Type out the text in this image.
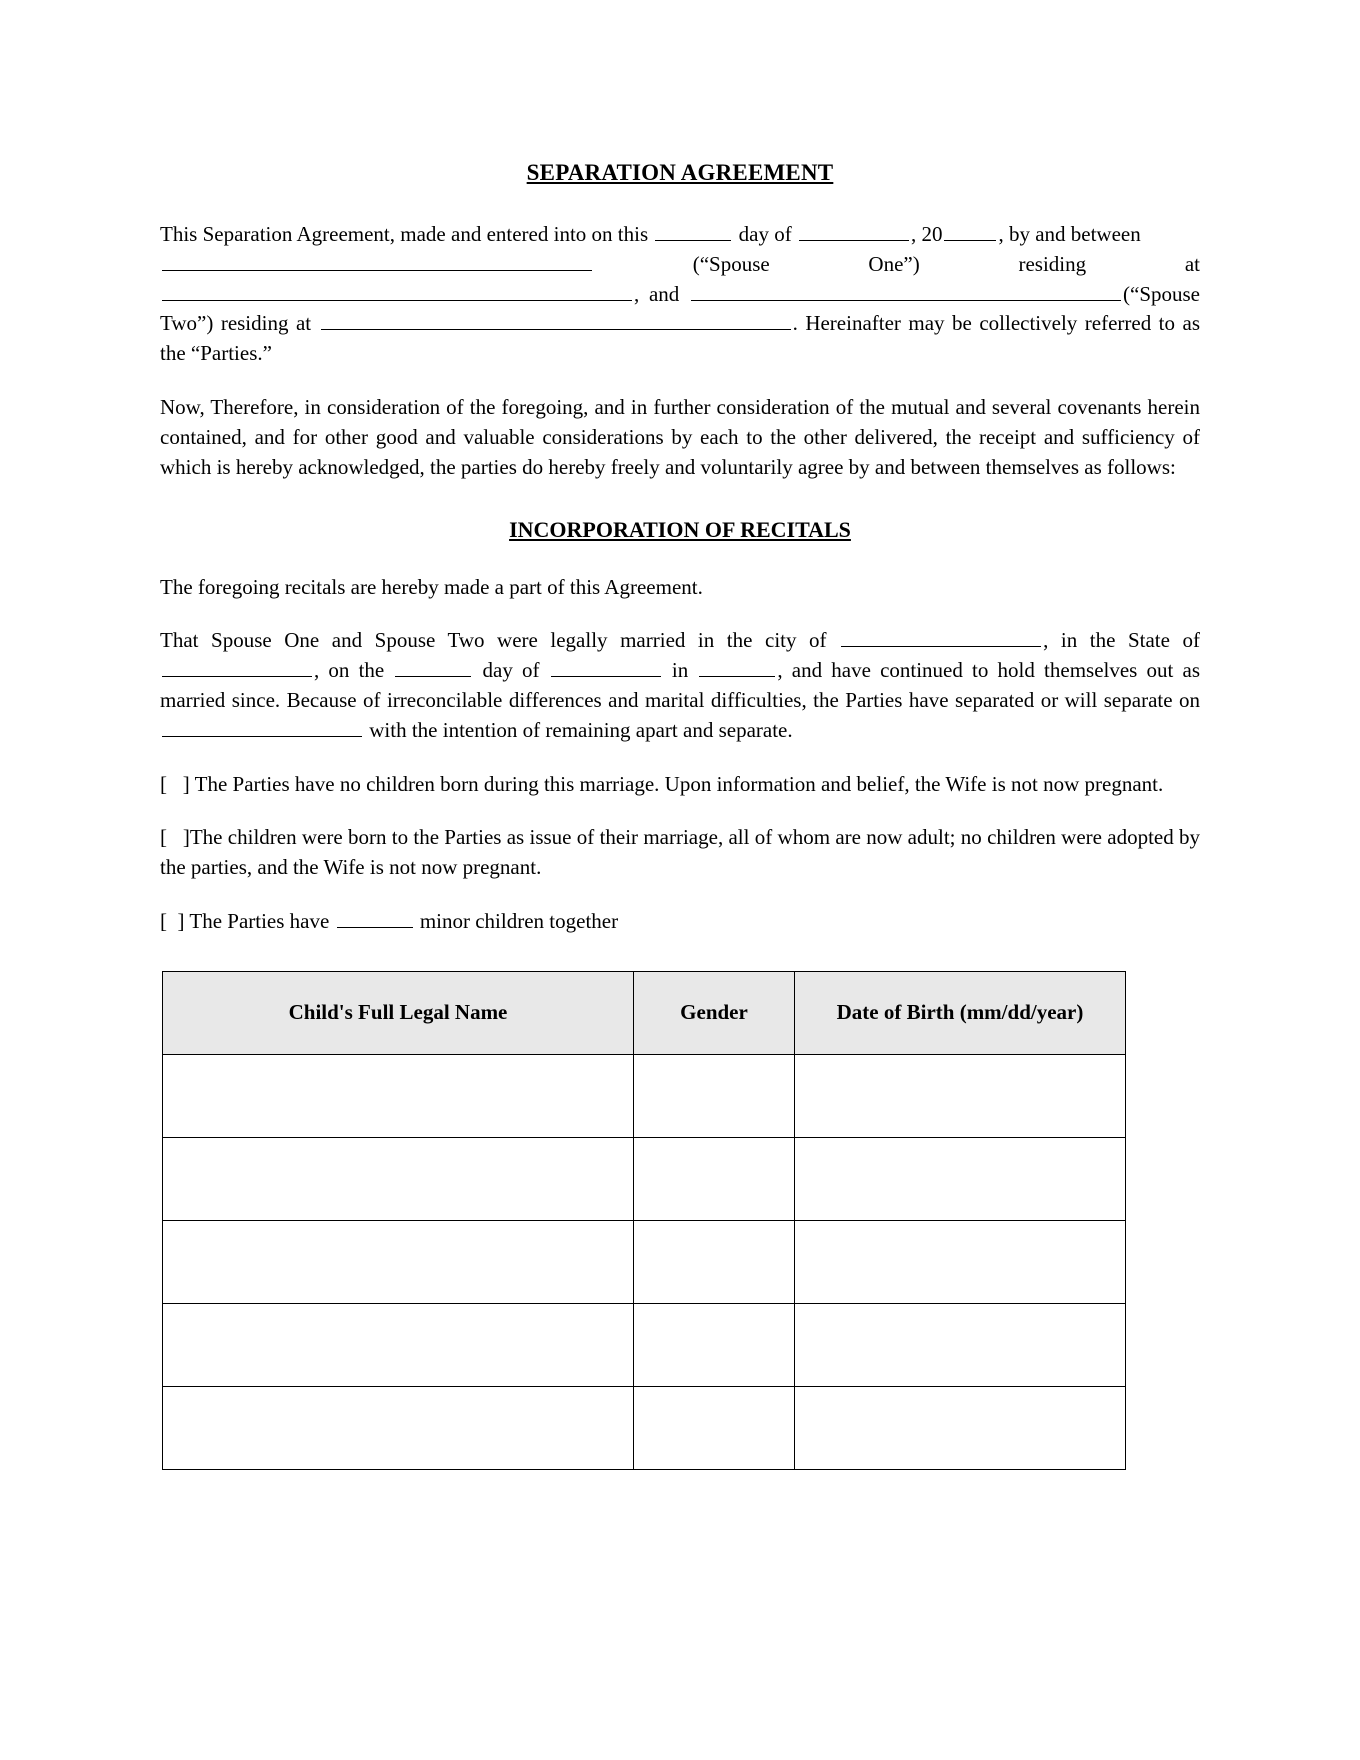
SEPARATION AGREEMENT

This Separation Agreement, made and entered into on this	day of	, 20	, by and between
(“Spouse One”) residing at , and	(“Spouse Two”) residing at	. Hereinafter may be collectively referred to as the “Parties.”

Now, Therefore, in consideration of the foregoing, and in further consideration of the mutual and several covenants herein contained, and for other good and valuable considerations by each to the other delivered, the receipt and sufficiency of which is hereby acknowledged, the parties do hereby freely and voluntarily agree by and between themselves as follows:

INCORPORATION OF RECITALS

The foregoing recitals are hereby made a part of this Agreement.

That Spouse One and Spouse Two were legally married in the city of	, in the State of , on the	day of	in	, and have continued to hold themselves out as married since. Because of irreconcilable differences and marital difficulties, the Parties have separated or will separate on  with the intention of remaining apart and separate.

[ ] The Parties have no children born during this marriage. Upon information and belief, the Wife is not now pregnant.

[ ]The children were born to the Parties as issue of their marriage, all of whom are now adult; no children were adopted by the parties, and the Wife is not now pregnant.

[ ] The Parties have	minor children together

Child's Full Legal Name	Gender	Date of Birth (mm/dd/year)
